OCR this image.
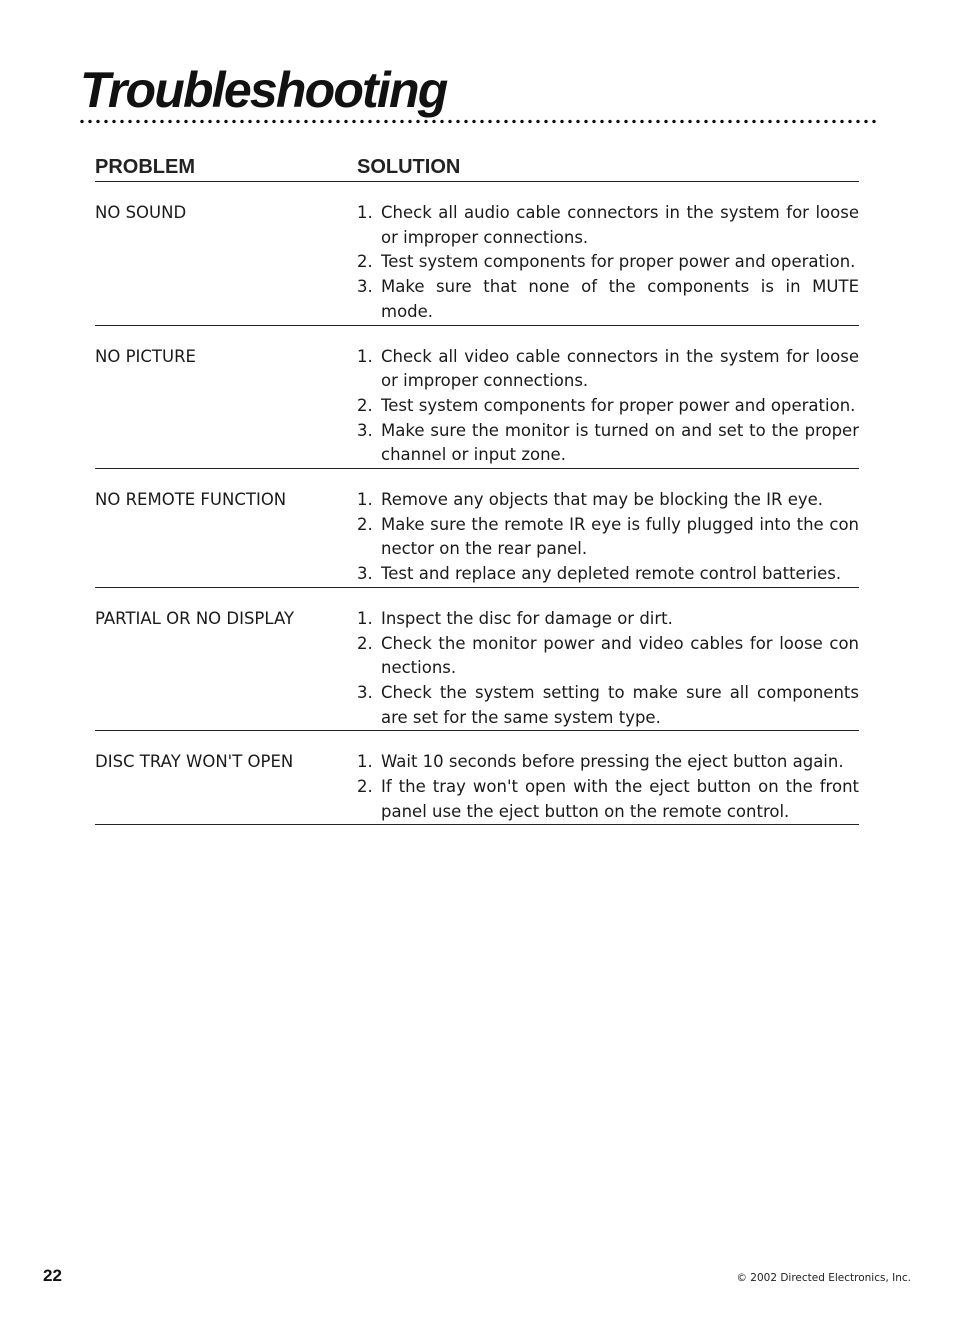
Troubleshooting
PROBLEM	SOLUTION
NO SOUND	1. Check all audio cable connectors in the system for loose or improper connections.
2. Test system components for proper power and operation.
3. Make sure that none of the components is in MUTE mode.
NO PICTURE	1. Check all video cable connectors in the system for loose or improper connections.
2. Test system components for proper power and operation.
3. Make sure the monitor is turned on and set to the proper channel or input zone.
NO REMOTE FUNCTION	1. Remove any objects that may be blocking the IR eye.
2. Make sure the remote IR eye is fully plugged into the con nector on the rear panel.
3. Test and replace any depleted remote control batteries.
PARTIAL OR NO DISPLAY	1. Inspect the disc for damage or dirt.
2. Check the monitor power and video cables for loose con nections.
3. Check the system setting to make sure all components are set for the same system type.
DISC TRAY WON'T OPEN	1. Wait 10 seconds before pressing the eject button again.
2. If the tray won't open with the eject button on the front panel use the eject button on the remote control.
22	© 2002 Directed Electronics, Inc.
